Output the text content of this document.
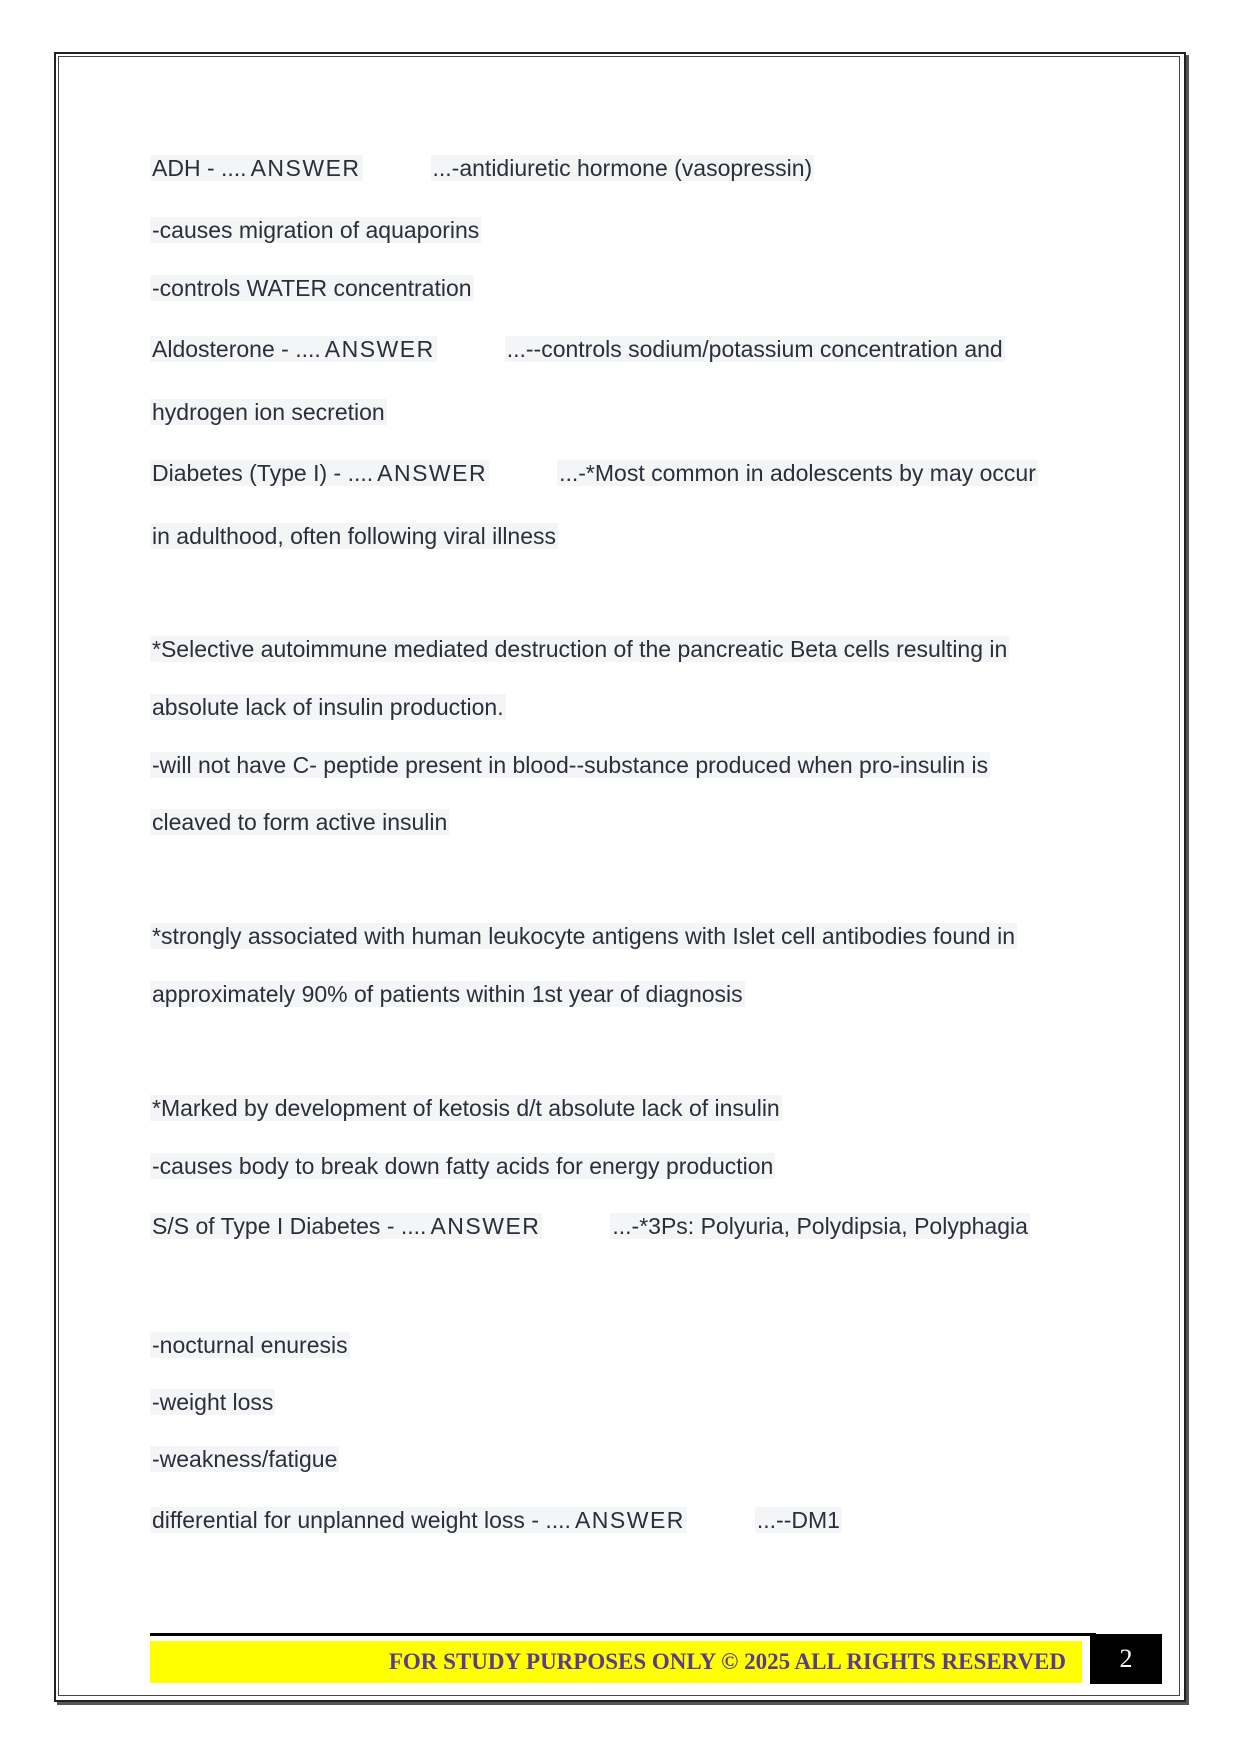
ADH - .... ANSWER	...-antidiuretic hormone (vasopressin)
-causes migration of aquaporins
-controls WATER concentration
Aldosterone - .... ANSWER	...--controls sodium/potassium concentration and
hydrogen ion secretion
Diabetes (Type I) - .... ANSWER	...-*Most common in adolescents by may occur
in adulthood, often following viral illness
*Selective autoimmune mediated destruction of the pancreatic Beta cells resulting in
absolute lack of insulin production.
-will not have C- peptide present in blood--substance produced when pro-insulin is
cleaved to form active insulin
*strongly associated with human leukocyte antigens with Islet cell antibodies found in
approximately 90% of patients within 1st year of diagnosis
*Marked by development of ketosis d/t absolute lack of insulin
-causes body to break down fatty acids for energy production
S/S of Type I Diabetes - .... ANSWER	...-*3Ps: Polyuria, Polydipsia, Polyphagia
-nocturnal enuresis
-weight loss
-weakness/fatigue
differential for unplanned weight loss - .... ANSWER	...--DM1
FOR STUDY PURPOSES ONLY © 2025 ALL RIGHTS RESERVED	2
